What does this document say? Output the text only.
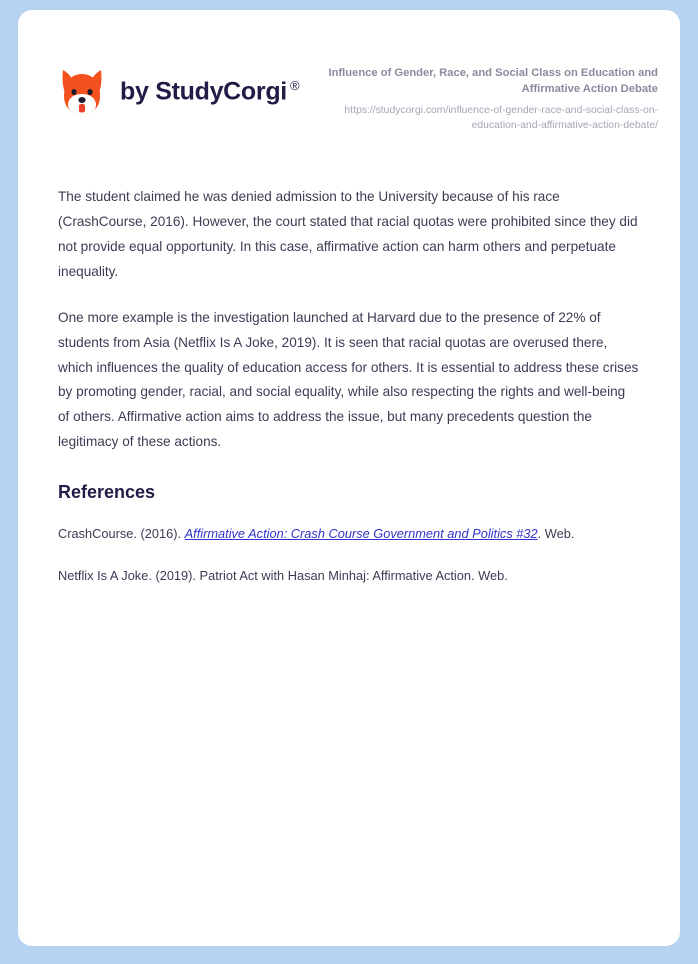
by StudyCorgi ®

Influence of Gender, Race, and Social Class on Education and Affirmative Action Debate

https://studycorgi.com/influence-of-gender-race-and-social-class-on-education-and-affirmative-action-debate/

The student claimed he was denied admission to the University because of his race (CrashCourse, 2016). However, the court stated that racial quotas were prohibited since they did not provide equal opportunity. In this case, affirmative action can harm others and perpetuate inequality.

One more example is the investigation launched at Harvard due to the presence of 22% of students from Asia (Netflix Is A Joke, 2019). It is seen that racial quotas are overused there, which influences the quality of education access for others. It is essential to address these crises by promoting gender, racial, and social equality, while also respecting the rights and well-being of others. Affirmative action aims to address the issue, but many precedents question the legitimacy of these actions.

References

CrashCourse. (2016). Affirmative Action: Crash Course Government and Politics #32. Web.

Netflix Is A Joke. (2019). Patriot Act with Hasan Minhaj: Affirmative Action. Web.
